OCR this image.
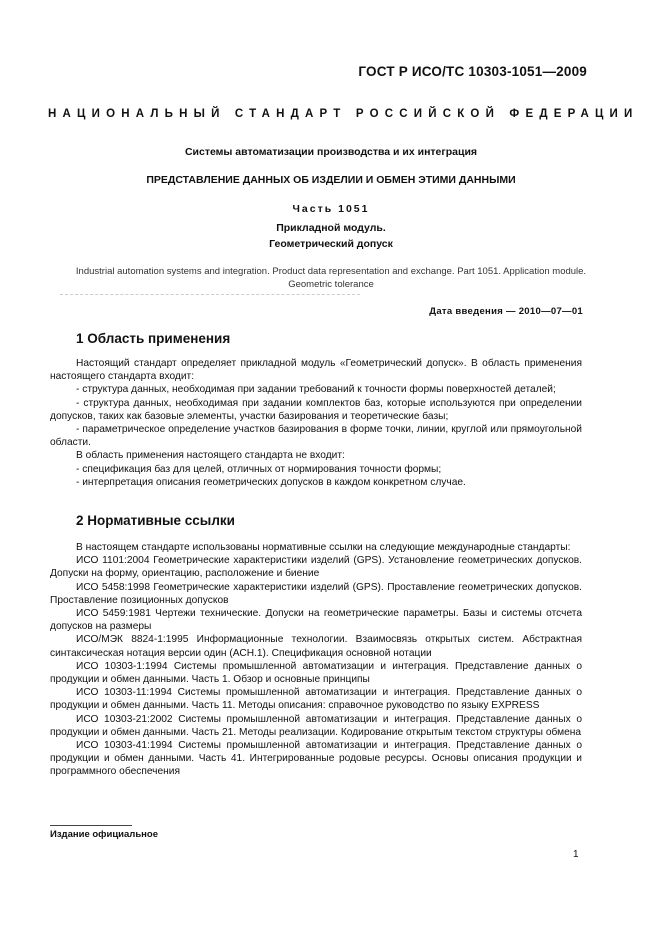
ГОСТ Р ИСО/ТС 10303-1051—2009
НАЦИОНАЛЬНЫЙ СТАНДАРТ РОССИЙСКОЙ ФЕДЕРАЦИИ
Системы автоматизации производства и их интеграция
ПРЕДСТАВЛЕНИЕ ДАННЫХ ОБ ИЗДЕЛИИ И ОБМЕН ЭТИМИ ДАННЫМИ
Часть 1051
Прикладной модуль.
Геометрический допуск
Industrial automation systems and integration. Product data representation and exchange. Part 1051. Application module.
Geometric tolerance
Дата введения — 2010—07—01
1 Область применения

Настоящий стандарт определяет прикладной модуль «Геометрический допуск». В область применения настоящего стандарта входит:

- структура данных, необходимая при задании требований к точности формы поверхностей деталей;

- структура данных, необходимая при задании комплектов баз, которые используются при определении допусков, таких как базовые элементы, участки базирования и теоретические базы;

- параметрическое определение участков базирования в форме точки, линии, круглой или прямоугольной области.

В область применения настоящего стандарта не входит:

- спецификация баз для целей, отличных от нормирования точности формы;

- интерпретация описания геометрических допусков в каждом конкретном случае.

2 Нормативные ссылки

В настоящем стандарте использованы нормативные ссылки на следующие международные стандарты:

ИСО 1101:2004 Геометрические характеристики изделий (GPS). Установление геометрических допусков. Допуски на форму, ориентацию, расположение и биение

ИСО 5458:1998 Геометрические характеристики изделий (GPS). Проставление геометрических допусков. Проставление позиционных допусков

ИСО 5459:1981 Чертежи технические. Допуски на геометрические параметры. Базы и системы отсчета допусков на размеры

ИСО/МЭК 8824-1:1995 Информационные технологии. Взаимосвязь открытых систем. Абстрактная синтаксическая нотация версии один (АСН.1). Спецификация основной нотации

ИСО 10303-1:1994 Системы промышленной автоматизации и интеграция. Представление данных о продукции и обмен данными. Часть 1. Обзор и основные принципы

ИСО 10303-11:1994 Системы промышленной автоматизации и интеграция. Представление данных о продукции и обмен данными. Часть 11. Методы описания: справочное руководство по языку EXPRESS

ИСО 10303-21:2002 Системы промышленной автоматизации и интеграция. Представление данных о продукции и обмен данными. Часть 21. Методы реализации. Кодирование открытым текстом структуры обмена

ИСО 10303-41:1994 Системы промышленной автоматизации и интеграция. Представление данных о продукции и обмен данными. Часть 41. Интегрированные родовые ресурсы. Основы описания продукции и программного обеспечения

Издание официальное
1
